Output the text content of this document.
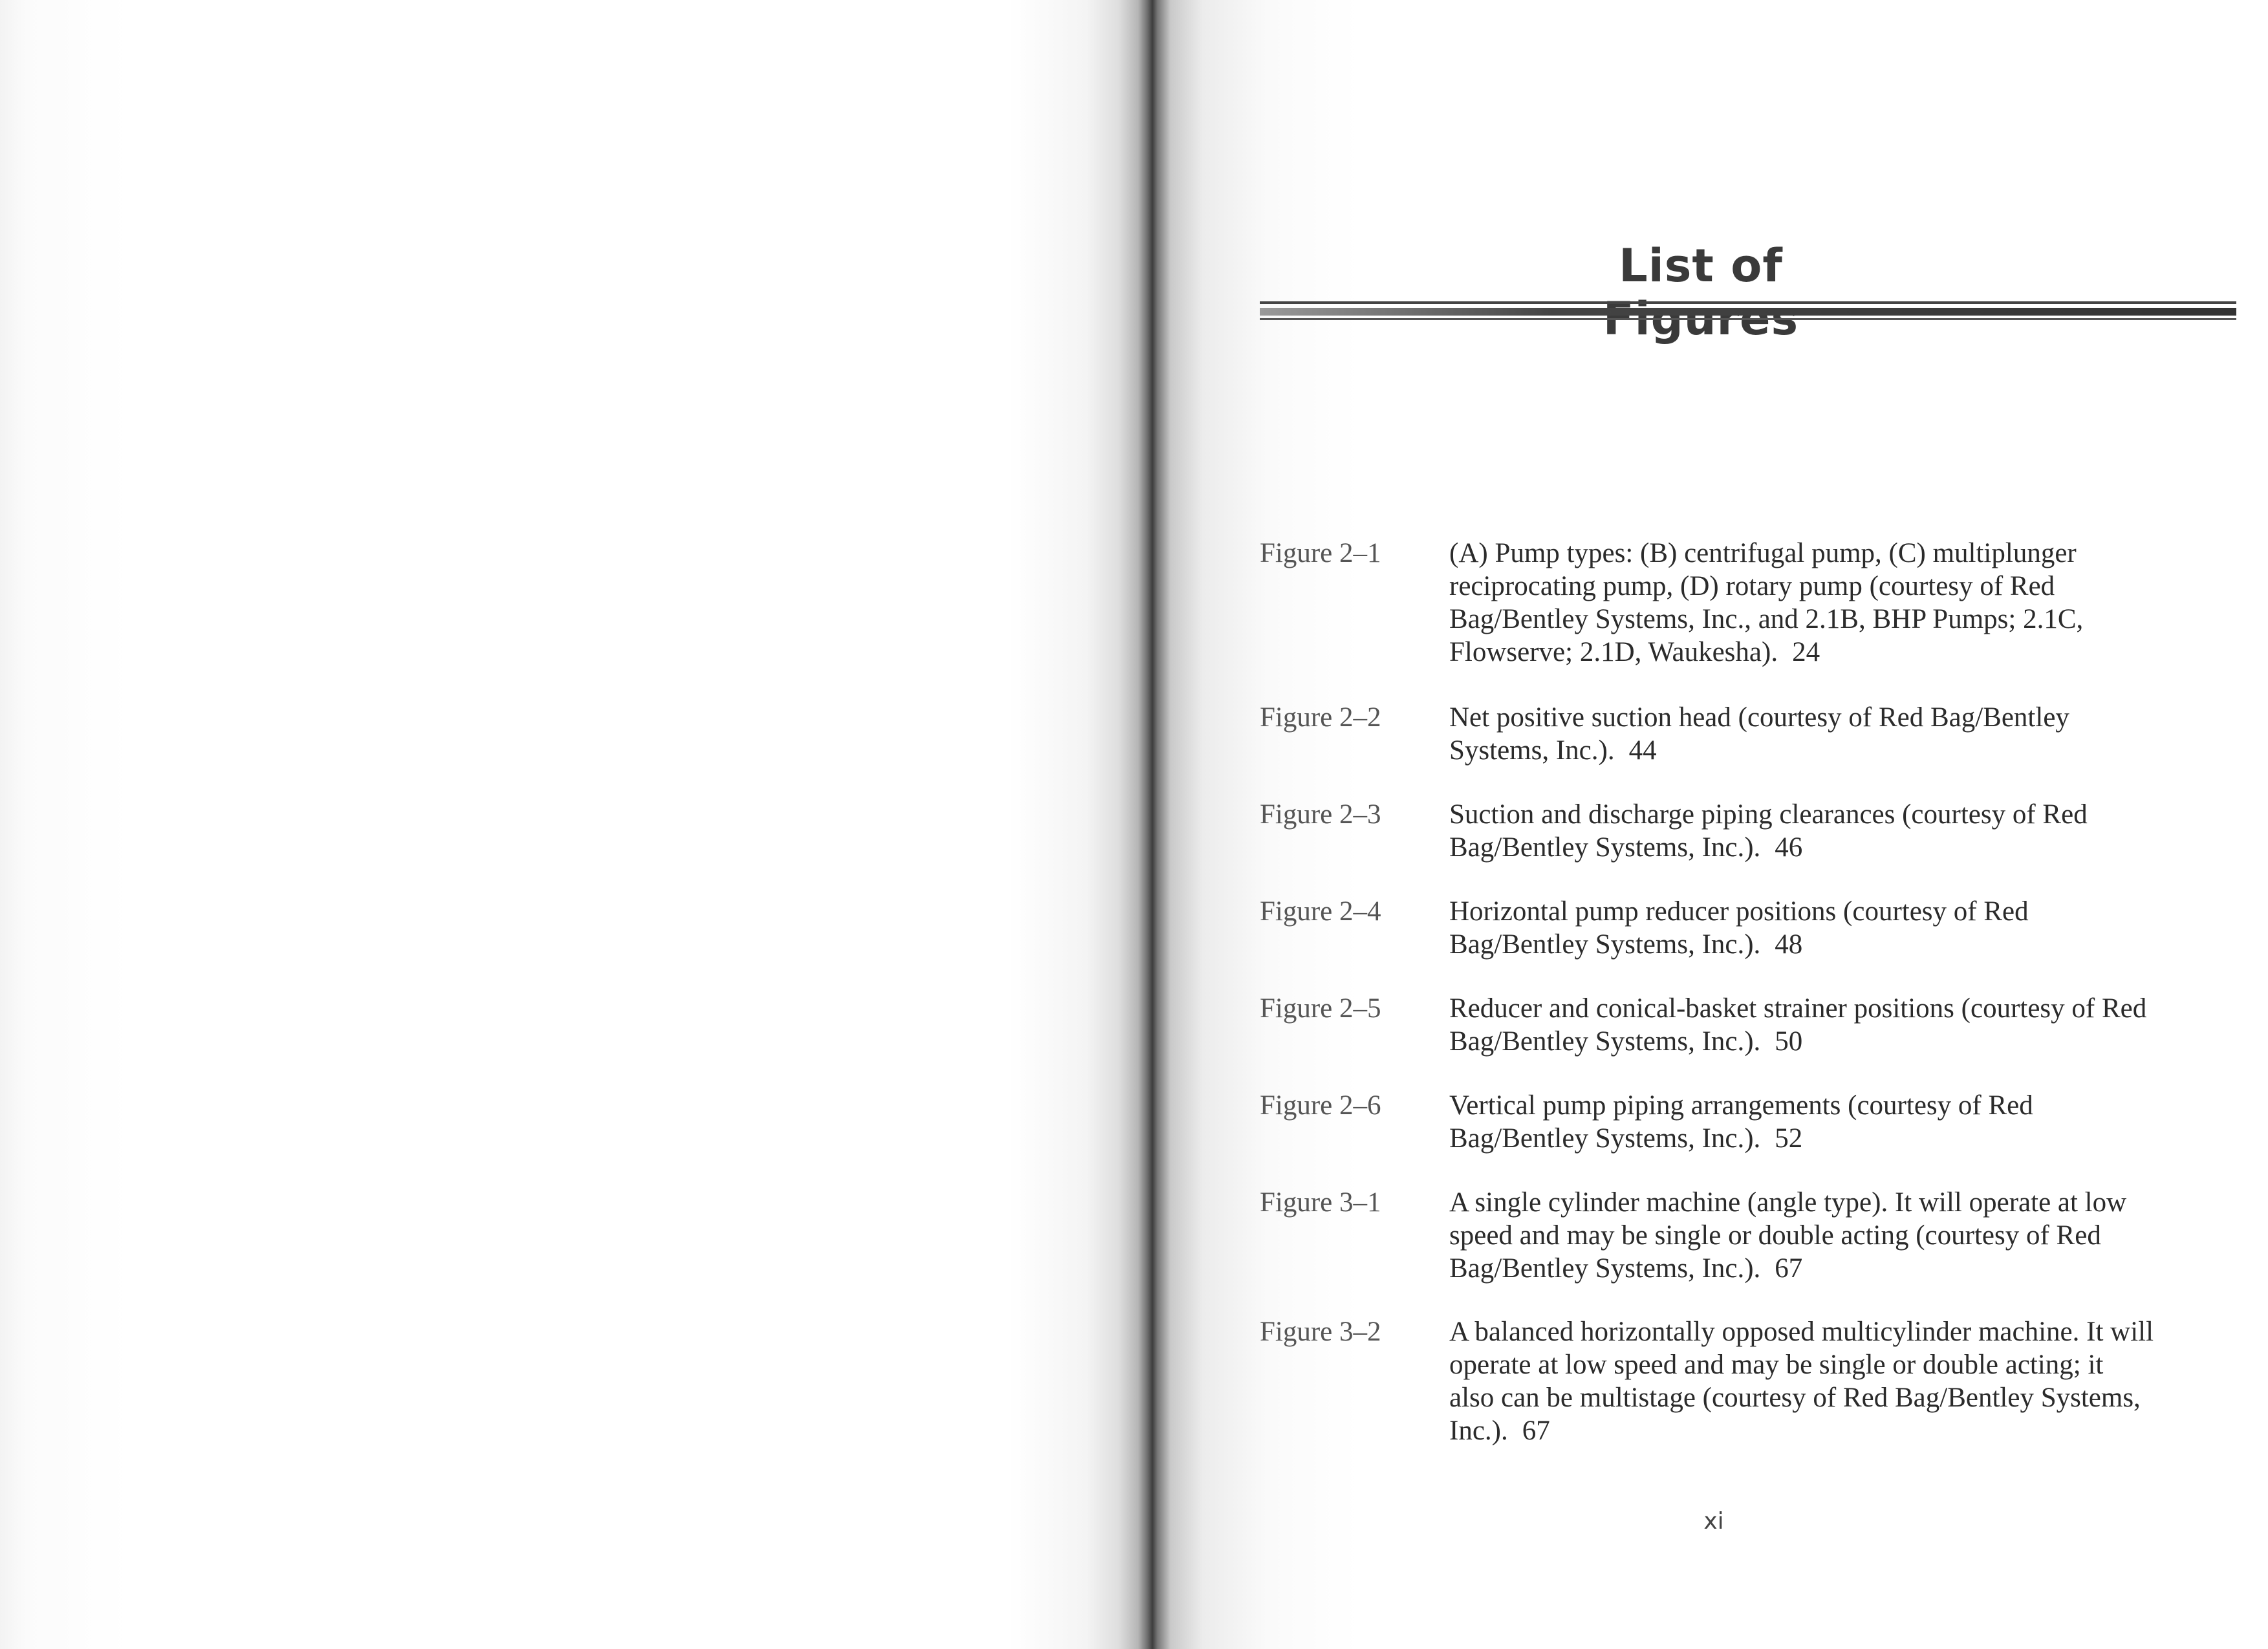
List of
Figure 2–1	(A) Pump types: (B) centrifugal pump, (C) multiplunger reciprocating pump, (D) rotary pump (courtesy of Red Bag/Bentley Systems, Inc., and 2.1B, BHP Pumps; 2.1C, Flowserve; 2.1D, Waukesha). 24
Figure 2–2	Net positive suction head (courtesy of Red Bag/Bentley Systems, Inc.). 44
Figure 2–3	Suction and discharge piping clearances (courtesy of Red Bag/Bentley Systems, Inc.). 46
Figure 2–4	Horizontal pump reducer positions (courtesy of Red Bag/Bentley Systems, Inc.). 48
Figure 2–5	Reducer and conical-basket strainer positions (courtesy of Red Bag/Bentley Systems, Inc.). 50
Figure 2–6	Vertical pump piping arrangements (courtesy of Red Bag/Bentley Systems, Inc.). 52
Figure 3–1	A single cylinder machine (angle type). It will operate at low speed and may be single or double acting (courtesy of Red Bag/Bentley Systems, Inc.). 67
Figure 3–2	A balanced horizontally opposed multicylinder machine. It will operate at low speed and may be single or double acting; it also can be multistage (courtesy of Red Bag/Bentley Systems, Inc.). 67
xi
